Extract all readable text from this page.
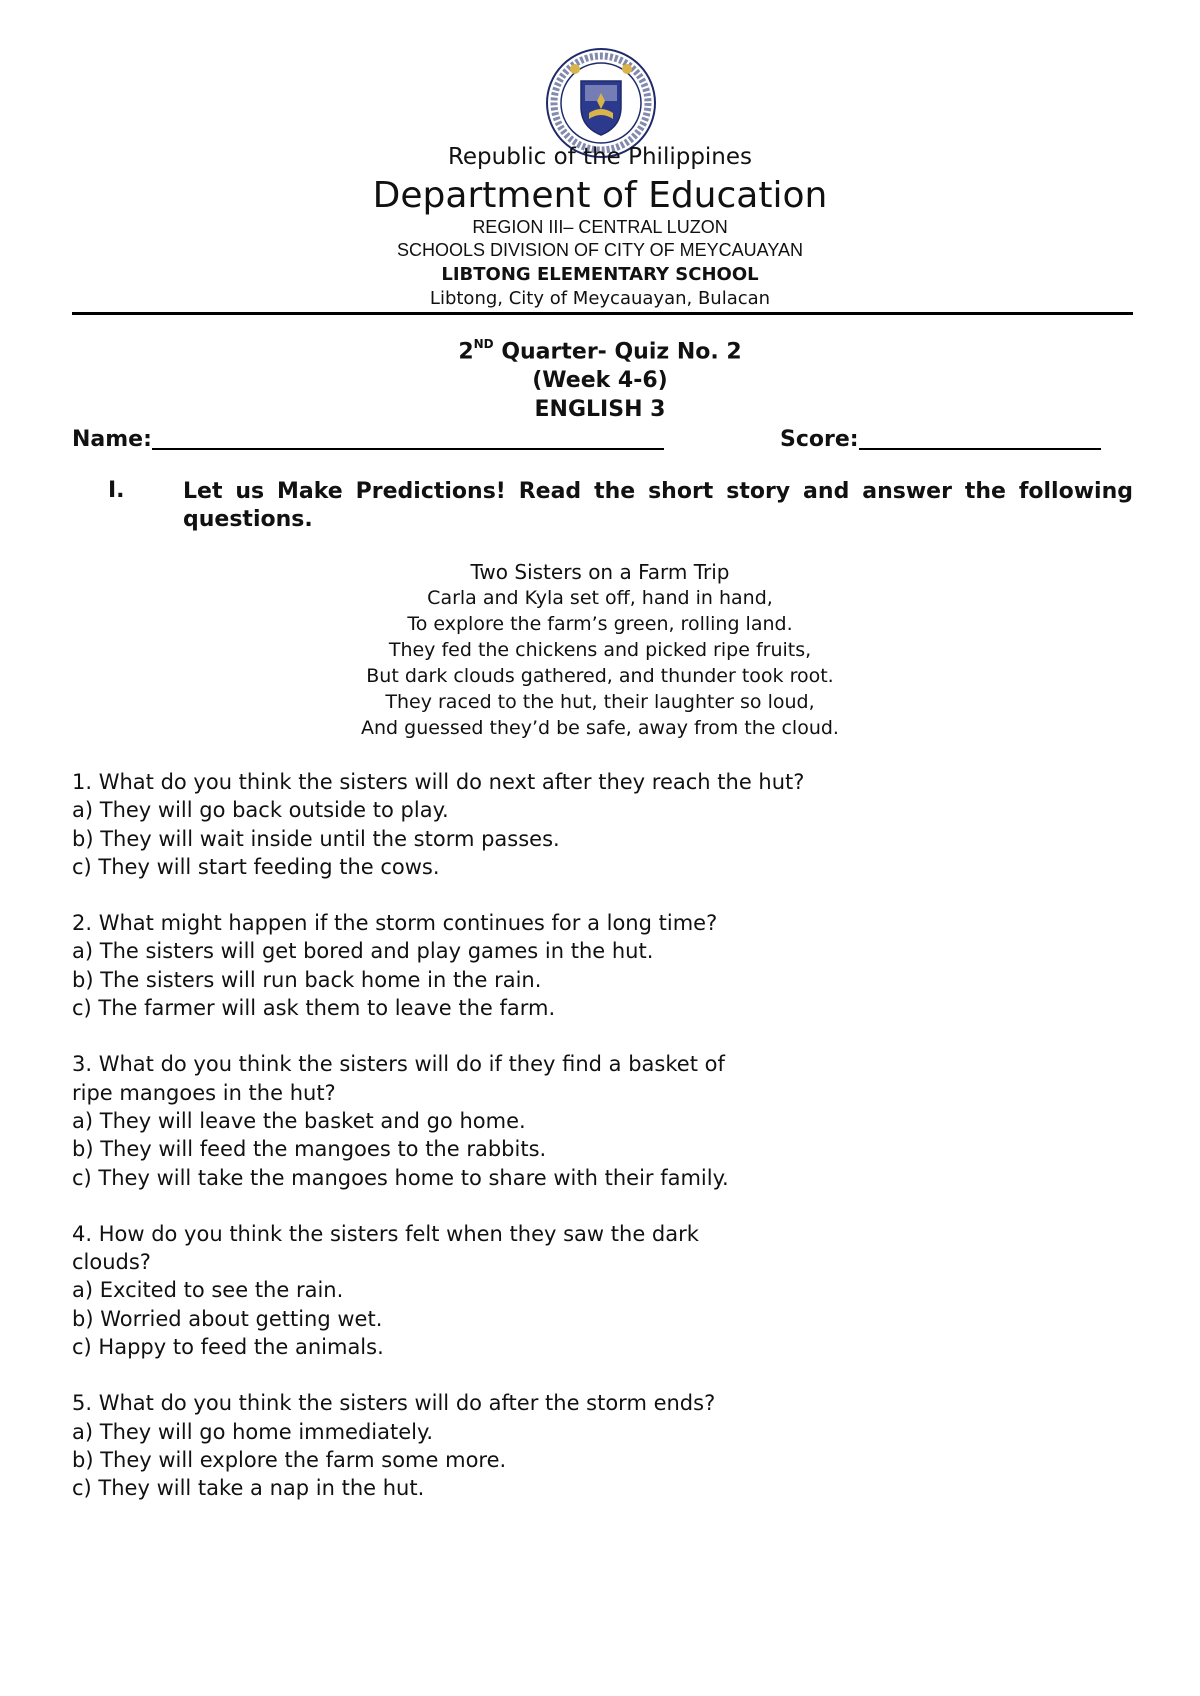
Republic of the Philippines
Department of Education
REGION III– CENTRAL LUZON
SCHOOLS DIVISION OF CITY OF MEYCAUAYAN
LIBTONG ELEMENTARY SCHOOL
Libtong, City of Meycauayan, Bulacan
2ND Quarter- Quiz No. 2
(Week 4-6)
ENGLISH 3
Name:	Score:
I.	Let us Make Predictions! Read the short story and answer the following questions.
Two Sisters on a Farm Trip
Carla and Kyla set off, hand in hand,
To explore the farm’s green, rolling land.
They fed the chickens and picked ripe fruits,
But dark clouds gathered, and thunder took root.
They raced to the hut, their laughter so loud,
And guessed they’d be safe, away from the cloud.
1. What do you think the sisters will do next after they reach the hut?
a) They will go back outside to play.
b) They will wait inside until the storm passes.
c) They will start feeding the cows.
2. What might happen if the storm continues for a long time?
a) The sisters will get bored and play games in the hut.
b) The sisters will run back home in the rain.
c) The farmer will ask them to leave the farm.
3. What do you think the sisters will do if they find a basket of
ripe mangoes in the hut?
a) They will leave the basket and go home.
b) They will feed the mangoes to the rabbits.
c) They will take the mangoes home to share with their family.
4. How do you think the sisters felt when they saw the dark
clouds?
a) Excited to see the rain.
b) Worried about getting wet.
c) Happy to feed the animals.
5. What do you think the sisters will do after the storm ends?
a) They will go home immediately.
b) They will explore the farm some more.
c) They will take a nap in the hut.
